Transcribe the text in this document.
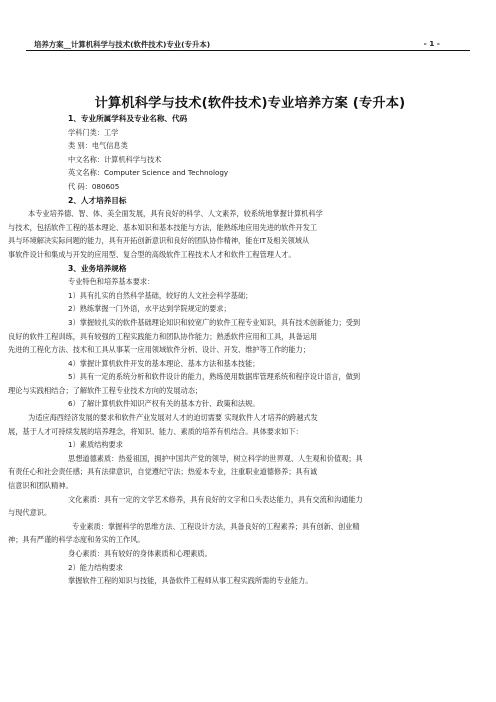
培养方案__计算机科学与技术(软件技术)专业(专升本)	- 1 -
计算机科学与技术(软件技术)专业培养方案 (专升本)
1、专业所属学科及专业名称、代码
学科门类：工学
类 别：电气信息类
中文名称：计算机科学与技术
英文名称：Computer Science and Technology
代 码：080605
2、人才培养目标
本专业培养德、智、体、美全面发展，具有良好的科学、人文素养，较系统地掌握计算机科学
与技术，包括软件工程的基本理论、基本知识和基本技能与方法，能熟练地应用先进的软件开发工
具与环境解决实际问题的能力，具有开拓创新意识和良好的团队协作精神，能在IT及相关领域从
事软件设计和集成与开发的应用型、复合型的高级软件工程技术人才和软件工程管理人才。
3、业务培养规格
专业特色和培养基本要求：
1）具有扎实的自然科学基础，较好的人文社会科学基础；
2）熟练掌握一门外语，水平达到学院规定的要求；
3）掌握较扎实的软件基础理论知识和较宽广的软件工程专业知识，具有技术创新能力；受到
良好的软件工程训练，具有较强的工程实践能力和团队协作能力；熟悉软件应用和工具，具备运用
先进的工程化方法、技术和工具从事某一应用领域软件分析、设计、开发、维护等工作的能力；
4）掌握计算机软件开发的基本理论、基本方法和基本技能；
5）具有一定的系统分析和软件设计的能力，熟练使用数据库管理系统和程序设计语言，做到
理论与实践相结合；了解软件工程专业技术方向的发展动态；
6）了解计算机软件知识产权有关的基本方针、政策和法规。
为适应海西经济发展的要求和软件产业发展对人才的迫切需要 实现软件人才培养的跨越式发
展，基于人才可持续发展的培养理念，将知识、能力、素质的培养有机结合。具体要求如下：
1）素质结构要求
思想道德素质：热爱祖国，拥护中国共产党的领导，树立科学的世界观、人生观和价值观；具
有责任心和社会责任感；具有法律意识，自觉遵纪守法；热爱本专业，注重职业道德修养；具有诚
信意识和团队精神。
文化素质：具有一定的文学艺术修养，具有良好的文字和口头表达能力，具有交流和沟通能力
与现代意识。
专业素质：掌握科学的思维方法、工程设计方法，具备良好的工程素养；具有创新、创业精
神；具有严谨的科学态度和务实的工作风。
身心素质：具有较好的身体素质和心理素质。
2）能力结构要求
掌握软件工程的知识与技能，具备软件工程师从事工程实践所需的专业能力。
